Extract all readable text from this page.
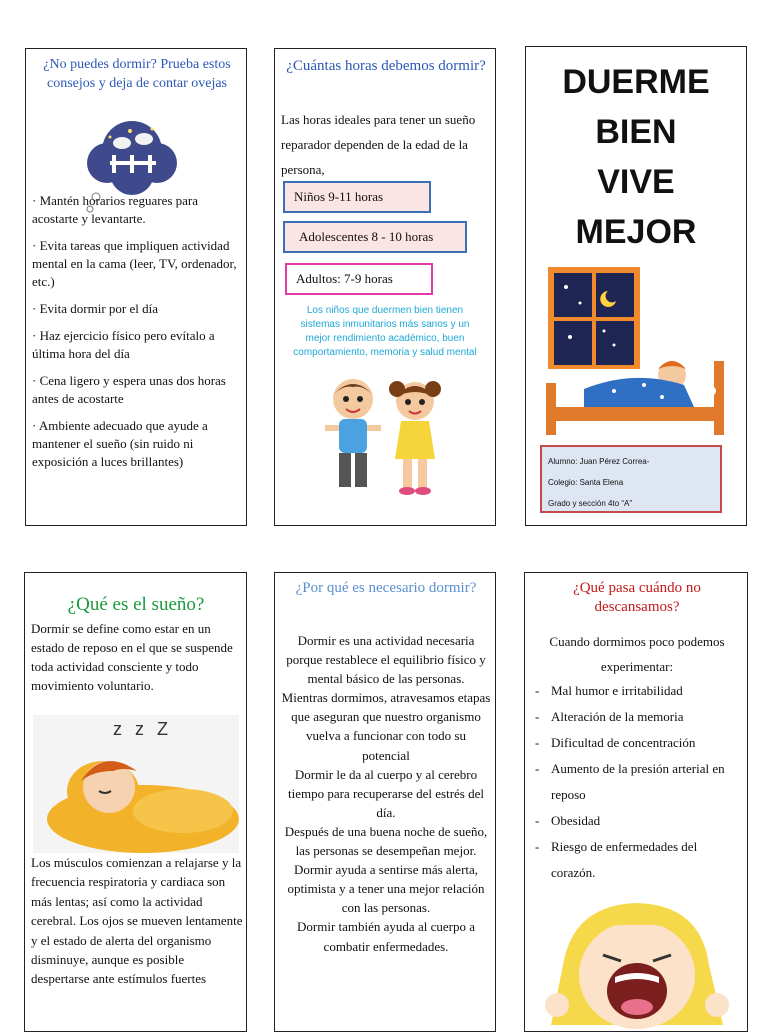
¿No puedes dormir? Prueba estos consejos y deja de contar ovejas

· Mantén horarios reguares para acostarte y levantarte.

· Evita tareas que impliquen actividad mental en la cama (leer, TV, ordenador, etc.)

· Evita dormir por el día

· Haz ejercicio físico pero evítalo a última hora del día

· Cena ligero y espera unas dos horas antes de acostarte

· Ambiente adecuado que ayude a mantener el sueño (sin ruido ni exposición a luces brillantes)

¿Cuántas horas debemos dormir?
Las horas ideales para tener un sueño reparador dependen de la edad de la persona,
Niños 9-11 horas
Adolescentes 8 - 10 horas
Adultos: 7-9 horas
Los niños que duermen bien tienen sistemas inmunitarios más sanos y un mejor rendimiento académico, buen comportamiento, memoria y salud mental
DUERME
BIEN
VIVE
MEJOR
Alumno: Juan Pérez Correa-
Colegio: Santa Elena
Grado y sección 4to “A”
¿Qué es el sueño?
Dormir se define como estar en un estado de reposo en el que se suspende toda actividad consciente y todo movimiento voluntario.
z z Z
Los músculos comienzan a relajarse y la frecuencia respiratoria y cardiaca son más lentas; así como la actividad cerebral. Los ojos se mueven lentamente y el estado de alerta del organismo disminuye, aunque es posible despertarse ante estímulos fuertes
¿Por qué es necesario dormir?

Dormir es una actividad necesaria porque restablece el equilibrio físico y mental básico de las personas.

Mientras dormimos, atravesamos etapas que aseguran que nuestro organismo vuelva a funcionar con todo su potencial

Dormir le da al cuerpo y al cerebro tiempo para recuperarse del estrés del día.

Después de una buena noche de sueño, las personas se desempeñan mejor.

Dormir ayuda a sentirse más alerta, optimista y a tener una mejor relación con las personas.

Dormir también ayuda al cuerpo a combatir enfermedades.

¿Qué pasa cuándo no descansamos?
Cuando dormimos poco podemos experimentar:
- Mal humor e irritabilidad
- Alteración de la memoria
- Dificultad de concentración
- Aumento de la presión arterial en reposo
- Obesidad
- Riesgo de enfermedades del corazón.
